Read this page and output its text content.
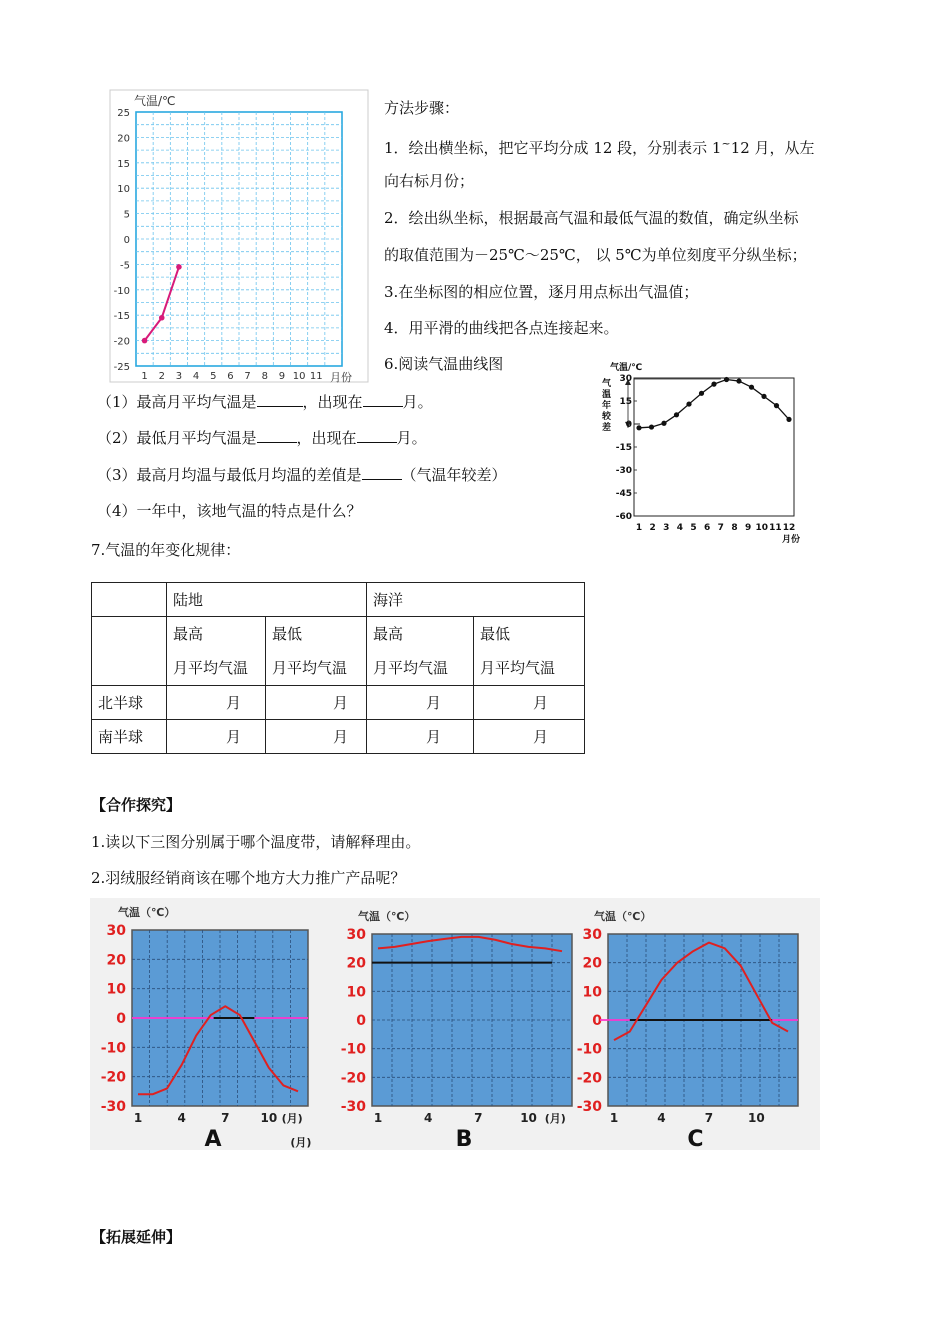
气温/℃
25
20
15
10
5
0
-5
-10
-15
-20
-25
1 2 3 4 5 6 7 8 9 10 11 月份
方法步骤：
1．绘出横坐标，把它平均分成 12 段，分别表示 1~12 月，从左
向右标月份；
2．绘出纵坐标，根据最高气温和最低气温的数值，确定纵坐标
的取值范围为－25℃～25℃， 以 5℃为单位刻度平分纵坐标；
3.在坐标图的相应位置，逐月用点标出气温值；
4．用平滑的曲线把各点连接起来。
6.阅读气温曲线图	气温/℃
气
温
年
较
差
30
15
0
-15
-30
-45
-60
1 2 3 4 5 6 7 8 9 10 11 12
月份
（1）最高月平均气温是	，出现在	月。
（2）最低月平均气温是	，出现在	月。
（3）最高月均温与最低月均温的差值是	（气温年较差）
（4）一年中，该地气温的特点是什么？
7.气温的年变化规律：
	陆地		海洋	
	最高
月平均气温	最低
月平均气温	最高
月平均气温	最低
月平均气温
北半球	月	月	月	月
南半球	月	月	月	月
【合作探究】
1.读以下三图分别属于哪个温度带，请解释理由。
2.羽绒服经销商该在哪个地方大力推广产品呢？
气温（℃）
30
20
10
0
-10
-20
-30
1	4	7	10 (月)
(月)
A
气温（℃）
30
20
10
0
-10
-20
-30
1	4	7	10 (月)
B
气温（℃）
30
20
10
0
-10
-20
-30
1	4	7	10
C
【拓展延伸】
